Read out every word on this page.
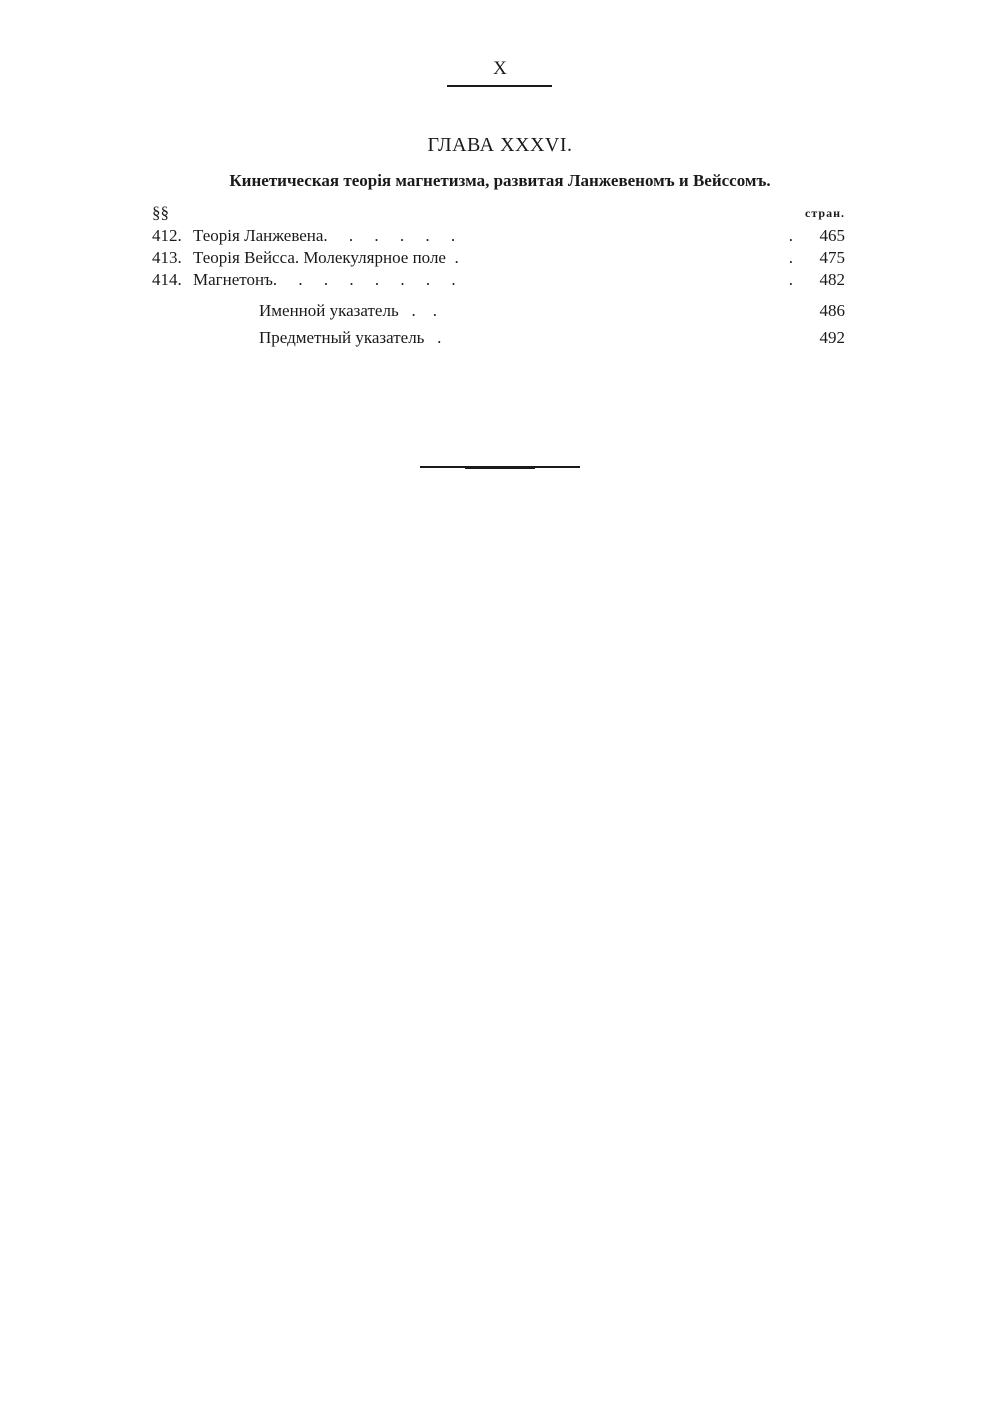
X
ГЛАВА XXXVI.
Кинетическая теорія магнетизма, развитая Ланжевеномъ и Вейссомъ.
§§	стран.
412. Теорія Ланжевена.     .     .     .     .     .	. 465
413. Теорія Вейсса. Молекулярное поле  .	. 475
414. Магнетонъ.     .     .     .     .     .     .     .	. 482
Именной указатель   .    .	486
Предметный указатель   .	492
